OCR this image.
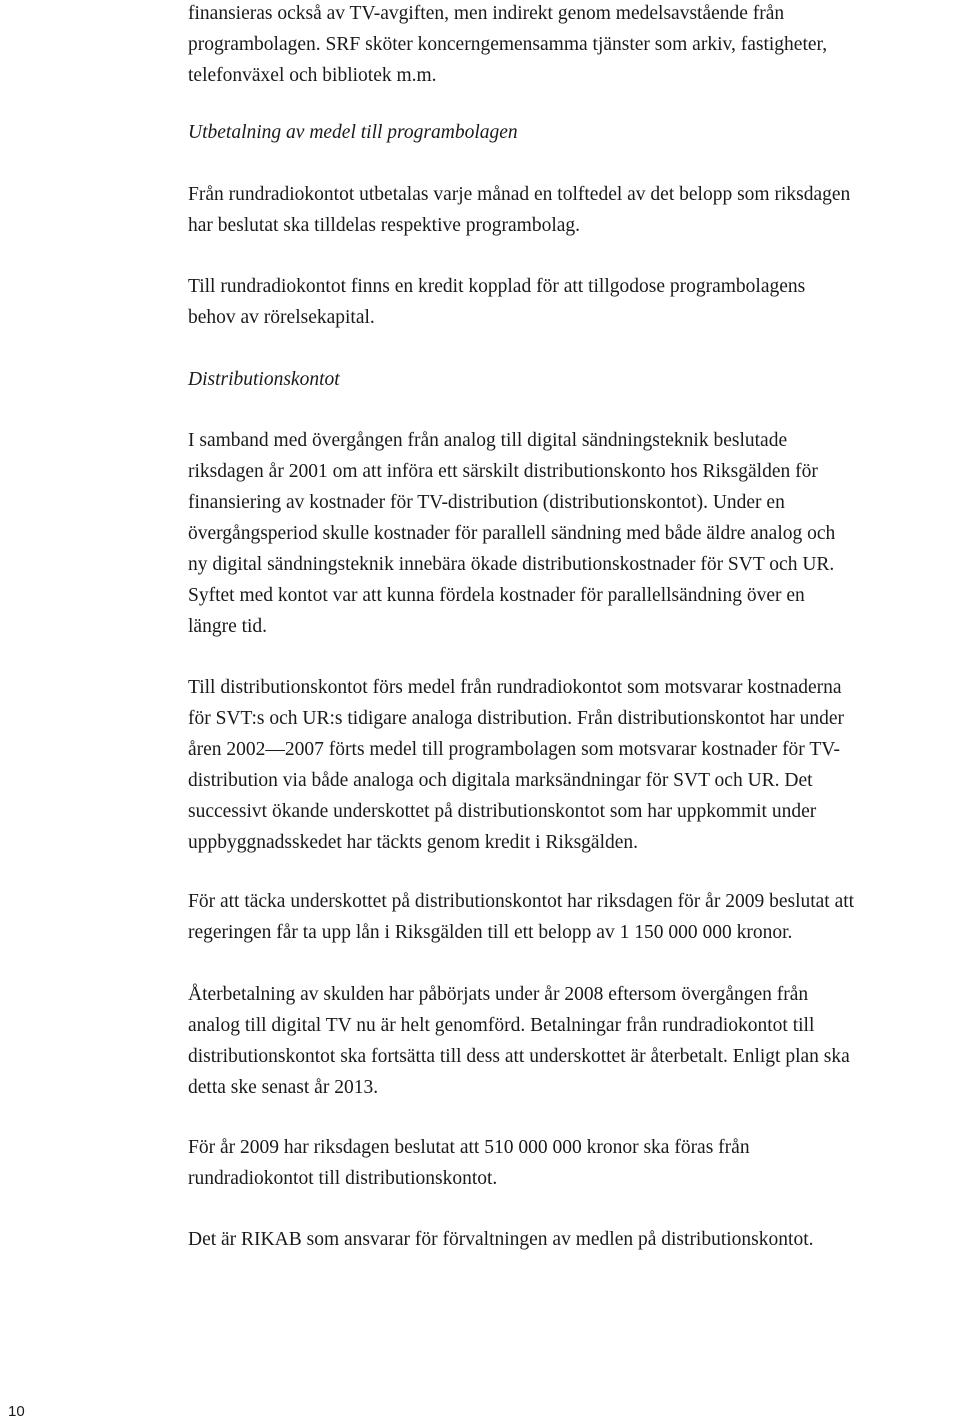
finansieras också av TV-avgiften, men indirekt genom medelsavstående från
programbolagen. SRF sköter koncerngemensamma tjänster som arkiv, fastigheter,
telefonväxel och bibliotek m.m.

Utbetalning av medel till programbolagen

Från rundradiokontot utbetalas varje månad en tolftedel av det belopp som riksdagen
har beslutat ska tilldelas respektive programbolag.

Till rundradiokontot finns en kredit kopplad för att tillgodose programbolagens
behov av rörelsekapital.

Distributionskontot

I samband med övergången från analog till digital sändningsteknik beslutade
riksdagen år 2001 om att införa ett särskilt distributionskonto hos Riksgälden för
finansiering av kostnader för TV-distribution (distributionskontot). Under en
övergångsperiod skulle kostnader för parallell sändning med både äldre analog och
ny digital sändningsteknik innebära ökade distributionskostnader för SVT och UR.
Syftet med kontot var att kunna fördela kostnader för parallellsändning över en
längre tid.

Till distributionskontot förs medel från rundradiokontot som motsvarar kostnaderna
för SVT:s och UR:s tidigare analoga distribution. Från distributionskontot har under
åren 2002—2007 förts medel till programbolagen som motsvarar kostnader för TV-
distribution via både analoga och digitala marksändningar för SVT och UR. Det
successivt ökande underskottet på distributionskontot som har uppkommit under
uppbyggnadsskedet har täckts genom kredit i Riksgälden.

För att täcka underskottet på distributionskontot har riksdagen för år 2009 beslutat att
regeringen får ta upp lån i Riksgälden till ett belopp av 1 150 000 000 kronor.

Återbetalning av skulden har påbörjats under år 2008 eftersom övergången från
analog till digital TV nu är helt genomförd. Betalningar från rundradiokontot till
distributionskontot ska fortsätta till dess att underskottet är återbetalt. Enligt plan ska
detta ske senast år 2013.

För år 2009 har riksdagen beslutat att 510 000 000 kronor ska föras från
rundradiokontot till distributionskontot.

Det är RIKAB som ansvarar för förvaltningen av medlen på distributionskontot.

10
